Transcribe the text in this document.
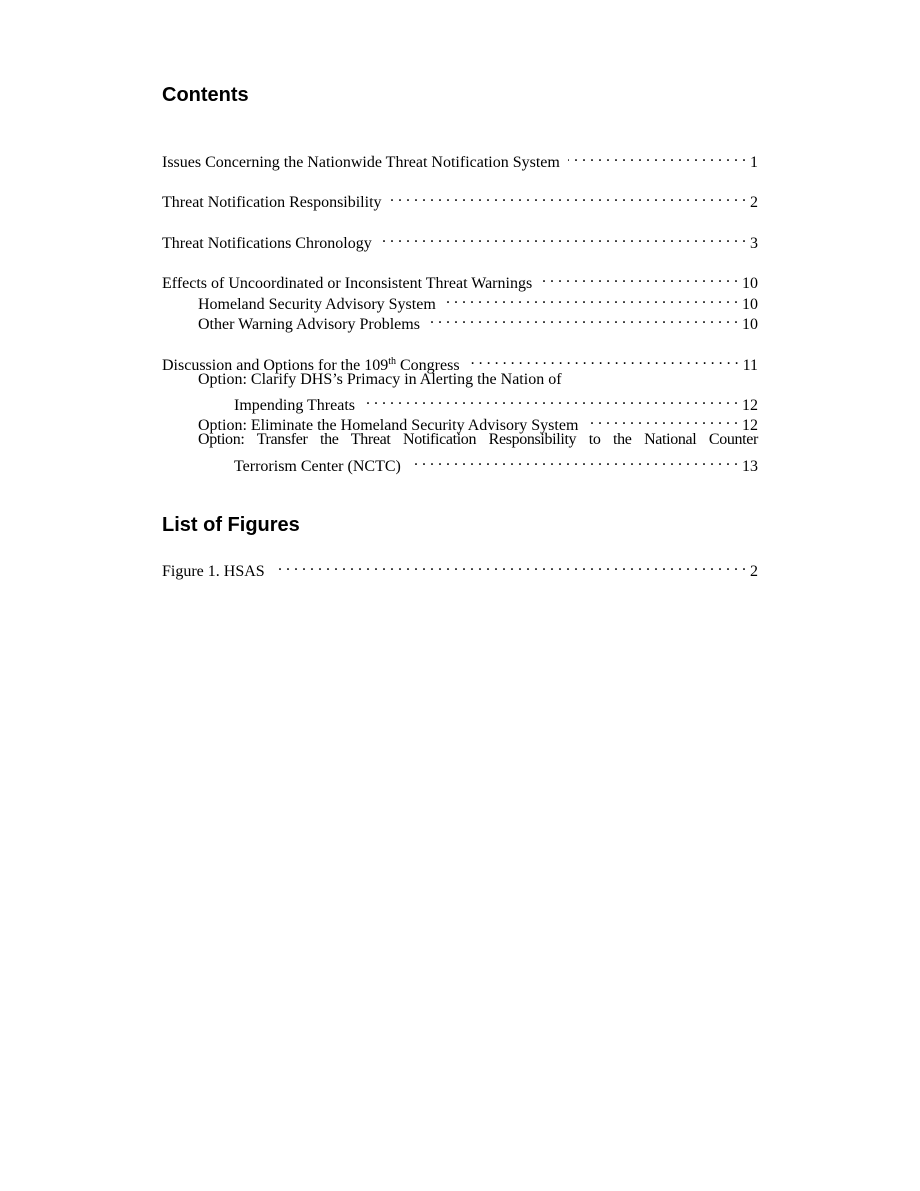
Contents
Issues Concerning the Nationwide Threat Notification System . . .	1
Threat Notification Responsibility . . .	2
Threat Notifications Chronology . . .	3
Effects of Uncoordinated or Inconsistent Threat Warnings . . .	10
Homeland Security Advisory System . . .	10
Other Warning Advisory Problems . . .	10
Discussion and Options for the 109th Congress . . .	11
Option: Clarify DHS’s Primacy in Alerting the Nation of
Impending Threats . . .	12
Option: Eliminate the Homeland Security Advisory System . . .	12
Option: Transfer the Threat Notification Responsibility to the National Counter
Terrorism Center (NCTC) . . .	13
List of Figures
Figure 1. HSAS . . .	2
